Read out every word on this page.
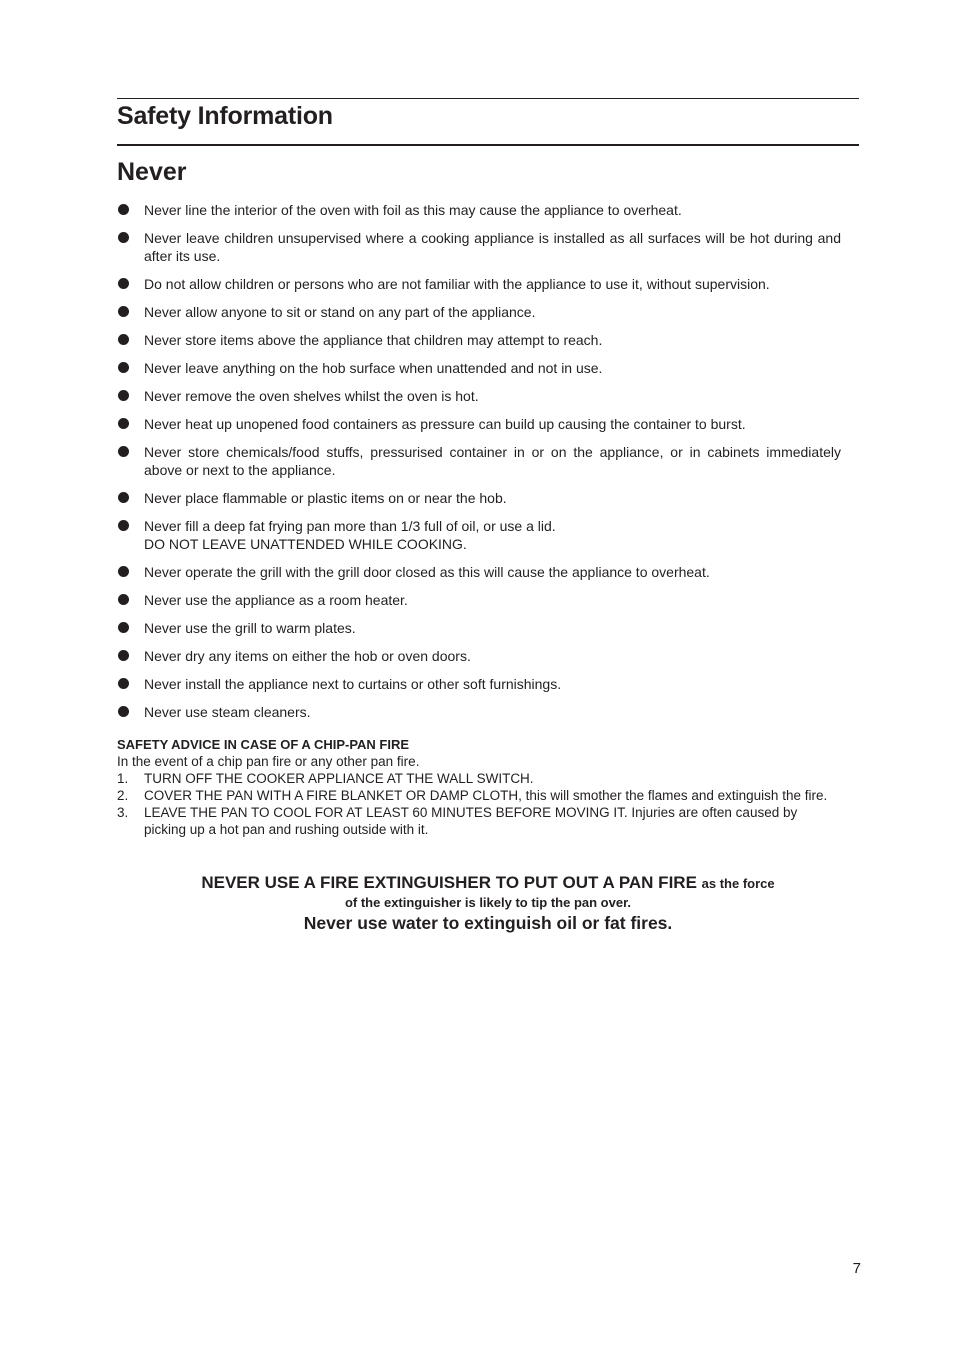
Safety Information
Never
Never line the interior of the oven with foil as this may cause the appliance to overheat.
Never leave children unsupervised where a cooking appliance is installed as all surfaces will be hot during and after its use.
Do not allow children or persons who are not familiar with the appliance to use it, without supervision.
Never allow anyone to sit or stand on any part of the appliance.
Never store items above the appliance that children may attempt to reach.
Never leave anything on the hob surface when unattended and not in use.
Never remove the oven shelves whilst the oven is hot.
Never heat up unopened food containers as pressure can build up causing the container to burst.
Never store chemicals/food stuffs, pressurised container in or on the appliance, or in cabinets immediately above or next to the appliance.
Never place flammable or plastic items on or near the hob.
Never fill a deep fat frying pan more than 1/3 full of oil, or use a lid.
DO NOT LEAVE UNATTENDED WHILE COOKING.
Never operate the grill with the grill door closed as this will cause the appliance to overheat.
Never use the appliance as a room heater.
Never use the grill to warm plates.
Never dry any items on either the hob or oven doors.
Never install the appliance next to curtains or other soft furnishings.
Never use steam cleaners.

SAFETY ADVICE IN CASE OF A CHIP-PAN FIRE

In the event of a chip pan fire or any other pan fire.

1. TURN OFF THE COOKER APPLIANCE AT THE WALL SWITCH.
2. COVER THE PAN WITH A FIRE BLANKET OR DAMP CLOTH, this will smother the flames and extinguish the fire.
3. LEAVE THE PAN TO COOL FOR AT LEAST 60 MINUTES BEFORE MOVING IT. Injuries are often caused by picking up a hot pan and rushing outside with it.

NEVER USE A FIRE EXTINGUISHER TO PUT OUT A PAN FIRE as the force

of the extinguisher is likely to tip the pan over.

Never use water to extinguish oil or fat fires.

7
